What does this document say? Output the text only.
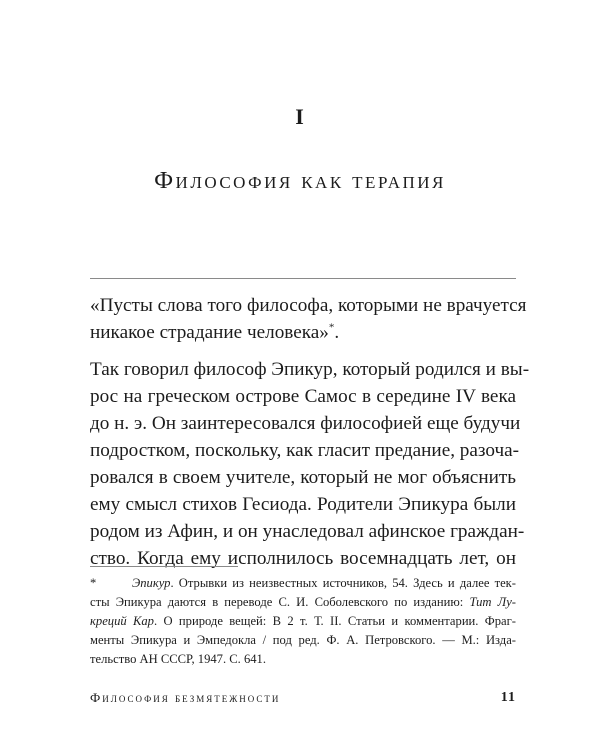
I
Философия как терапия

«Пусты слова того философа, которыми не врачуется
никакое страдание человека»*.

Так говорил философ Эпикур, который родился и вы-
рос на греческом острове Самос в середине IV века
до н. э. Он заинтересовался философией еще будучи
подростком, поскольку, как гласит предание, разоча-
ровался в своем учителе, который не мог объяснить
ему смысл стихов Гесиода. Родители Эпикура были
родом из Афин, и он унаследовал афинское граждан-
ство. Когда ему исполнилось восемнадцать лет, он

*	Эпикур. Отрывки из неизвестных источников, 54. Здесь и далее тек-
сты Эпикура даются в переводе С. И. Соболевского по изданию: Тит Лу-
креций Кар. О природе вещей: В 2 т. Т. II. Статьи и комментарии. Фраг-
менты Эпикура и Эмпедокла / под ред. Ф. А. Петровского. — М.: Изда-
тельство АН СССР, 1947. С. 641.
Философия безмятежности	11
